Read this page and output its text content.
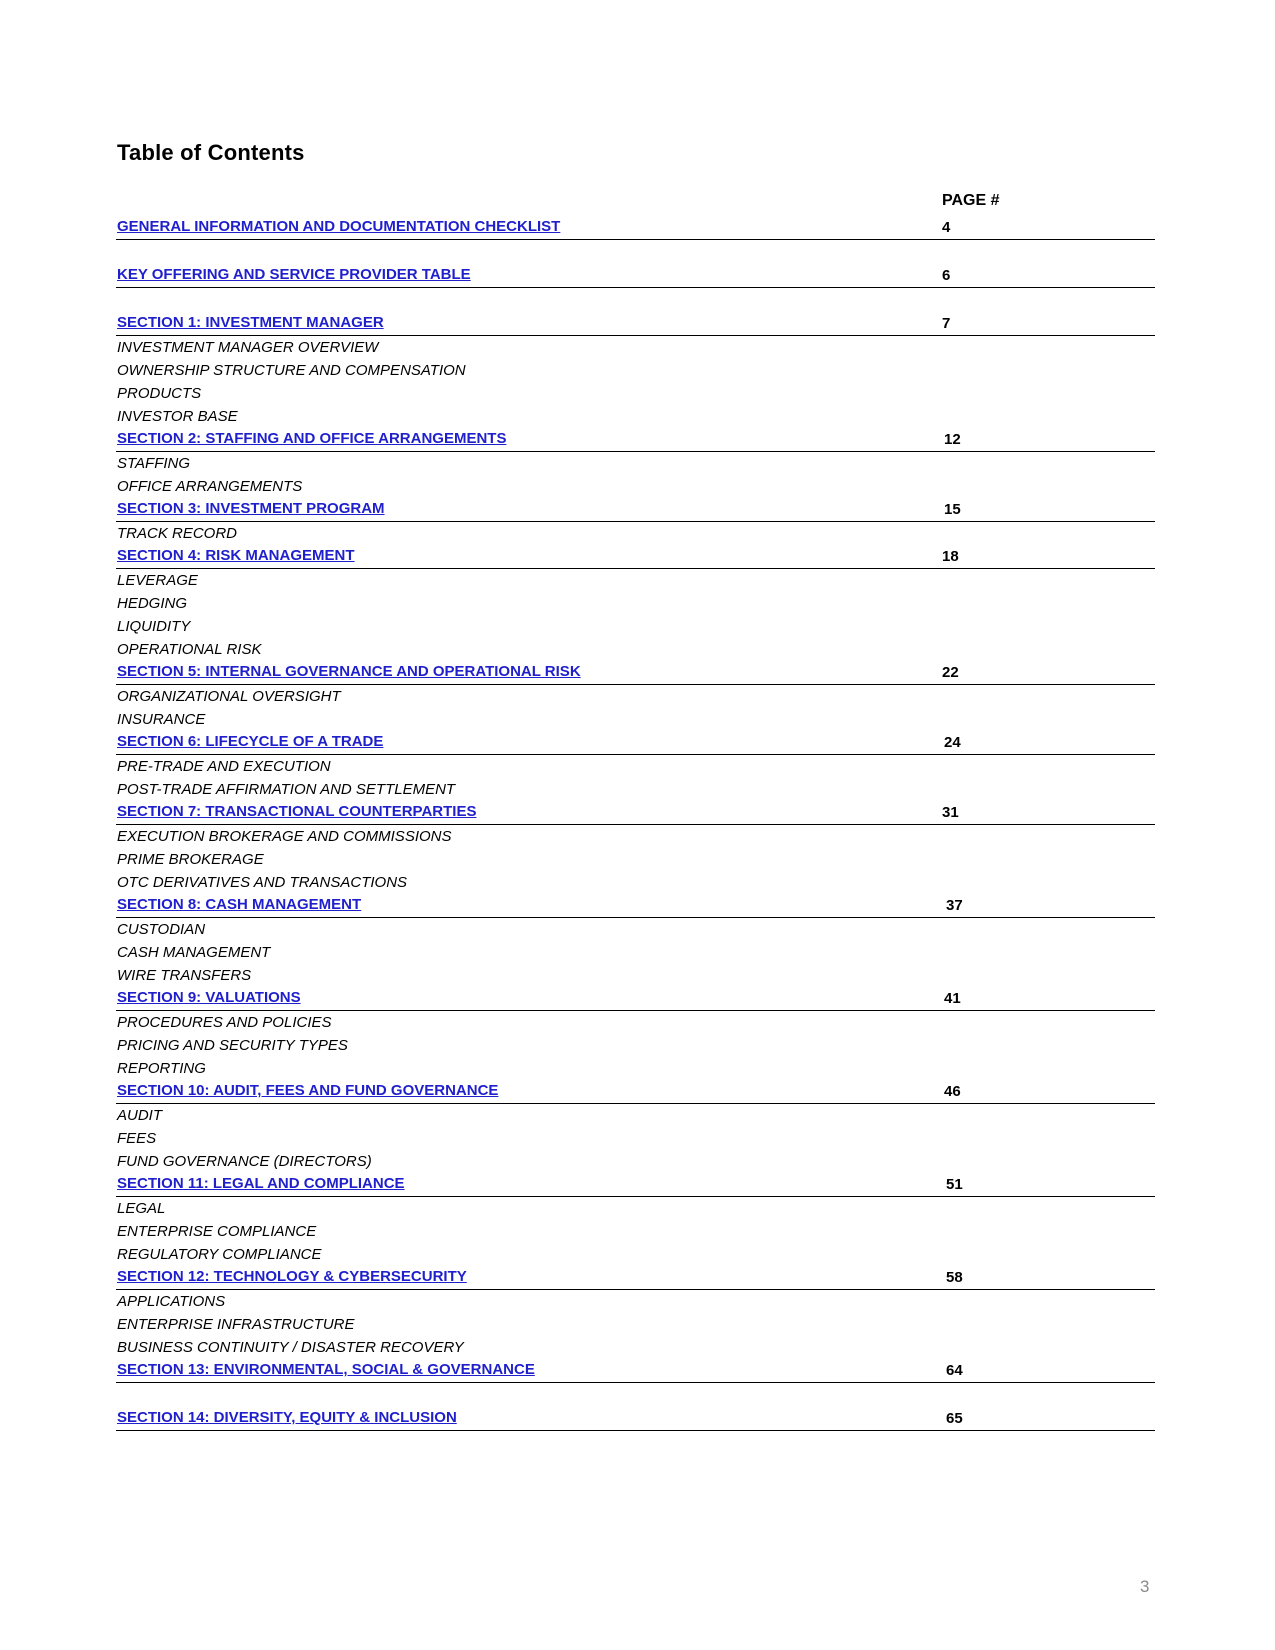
Table of Contents
PAGE #
GENERAL INFORMATION AND DOCUMENTATION CHECKLIST	4
KEY OFFERING AND SERVICE PROVIDER TABLE	6
SECTION 1: INVESTMENT MANAGER	7
INVESTMENT MANAGER OVERVIEW
OWNERSHIP STRUCTURE AND COMPENSATION
PRODUCTS
INVESTOR BASE
SECTION 2: STAFFING AND OFFICE ARRANGEMENTS	12
STAFFING
OFFICE ARRANGEMENTS
SECTION 3: INVESTMENT PROGRAM	15
TRACK RECORD
SECTION 4: RISK MANAGEMENT	18
LEVERAGE
HEDGING
LIQUIDITY
OPERATIONAL RISK
SECTION 5: INTERNAL GOVERNANCE AND OPERATIONAL RISK	22
ORGANIZATIONAL OVERSIGHT
INSURANCE
SECTION 6: LIFECYCLE OF A TRADE	24
PRE-TRADE AND EXECUTION
POST-TRADE AFFIRMATION AND SETTLEMENT
SECTION 7: TRANSACTIONAL COUNTERPARTIES	31
EXECUTION BROKERAGE AND COMMISSIONS
PRIME BROKERAGE
OTC DERIVATIVES AND TRANSACTIONS
SECTION 8: CASH MANAGEMENT	37
CUSTODIAN
CASH MANAGEMENT
WIRE TRANSFERS
SECTION 9: VALUATIONS	41
PROCEDURES AND POLICIES
PRICING AND SECURITY TYPES
REPORTING
SECTION 10: AUDIT, FEES AND FUND GOVERNANCE	46
AUDIT
FEES
FUND GOVERNANCE (DIRECTORS)
SECTION 11: LEGAL AND COMPLIANCE	51
LEGAL
ENTERPRISE COMPLIANCE
REGULATORY COMPLIANCE
SECTION 12: TECHNOLOGY & CYBERSECURITY	58
APPLICATIONS
ENTERPRISE INFRASTRUCTURE
BUSINESS CONTINUITY / DISASTER RECOVERY
SECTION 13: ENVIRONMENTAL, SOCIAL & GOVERNANCE	64
SECTION 14: DIVERSITY, EQUITY & INCLUSION	65
3
